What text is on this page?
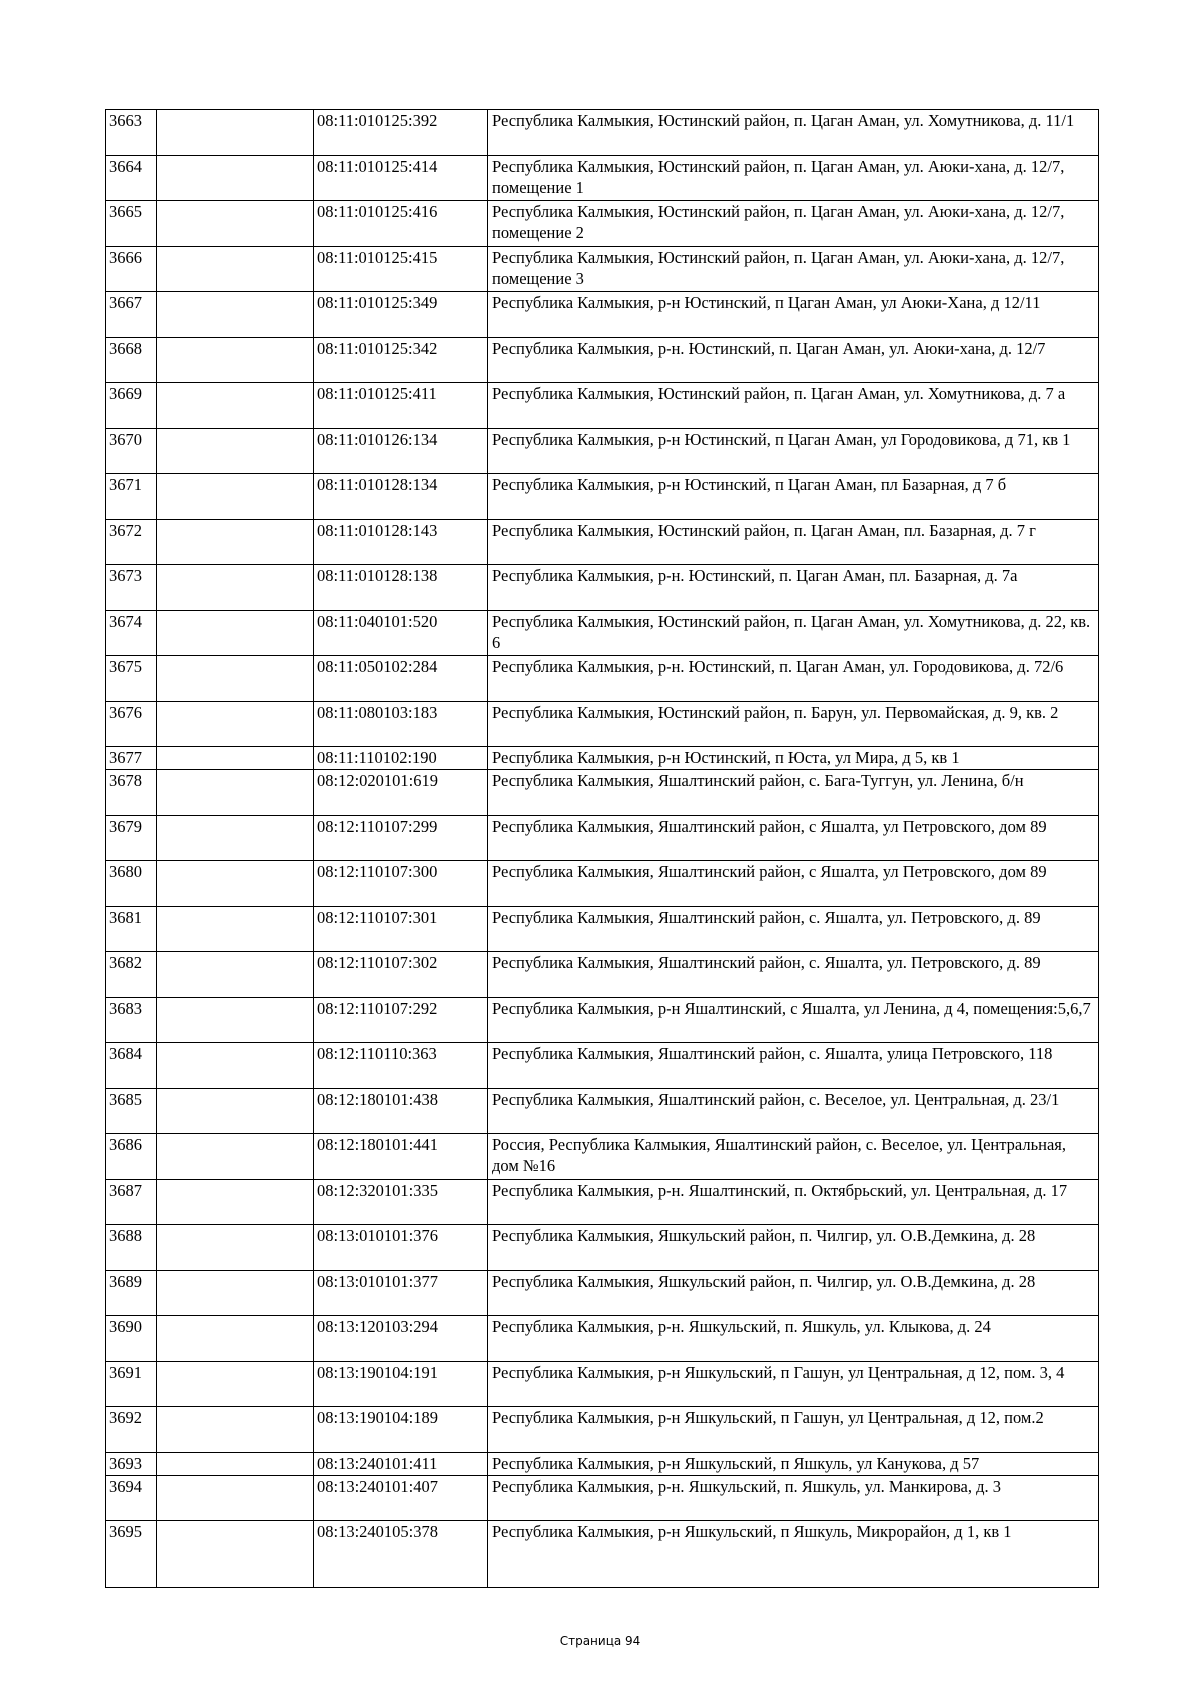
3663		08:11:010125:392	Республика Калмыкия, Юстинский район, п. Цаган Аман, ул. Хомутникова, д. 11/1
3664		08:11:010125:414	Республика Калмыкия, Юстинский район, п. Цаган Аман, ул. Аюки-хана, д. 12/7, помещение 1
3665		08:11:010125:416	Республика Калмыкия, Юстинский район, п. Цаган Аман, ул. Аюки-хана, д. 12/7, помещение 2
3666		08:11:010125:415	Республика Калмыкия, Юстинский район, п. Цаган Аман, ул. Аюки-хана, д. 12/7, помещение 3
3667		08:11:010125:349	Республика Калмыкия, р-н Юстинский, п Цаган Аман, ул Аюки-Хана, д 12/11
3668		08:11:010125:342	Республика Калмыкия, р-н. Юстинский, п. Цаган Аман, ул. Аюки-хана, д. 12/7
3669		08:11:010125:411	Республика Калмыкия, Юстинский район, п. Цаган Аман, ул. Хомутникова, д. 7 а
3670		08:11:010126:134	Республика Калмыкия, р-н Юстинский, п Цаган Аман, ул Городовикова, д 71, кв 1
3671		08:11:010128:134	Республика Калмыкия, р-н Юстинский, п Цаган Аман, пл Базарная, д 7 б
3672		08:11:010128:143	Республика Калмыкия, Юстинский район, п. Цаган Аман, пл. Базарная, д. 7 г
3673		08:11:010128:138	Республика Калмыкия, р-н. Юстинский, п. Цаган Аман, пл. Базарная, д. 7а
3674		08:11:040101:520	Республика Калмыкия, Юстинский район, п. Цаган Аман, ул. Хомутникова, д. 22, кв. 6
3675		08:11:050102:284	Республика Калмыкия, р-н. Юстинский, п. Цаган Аман, ул. Городовикова, д. 72/6
3676		08:11:080103:183	Республика Калмыкия, Юстинский район, п. Барун, ул. Первомайская, д. 9, кв. 2
3677		08:11:110102:190	Республика Калмыкия, р-н Юстинский, п Юста, ул Мира, д 5, кв 1
3678		08:12:020101:619	Республика Калмыкия, Яшалтинский район, с. Бага-Туггун, ул. Ленина, б/н
3679		08:12:110107:299	Республика Калмыкия, Яшалтинский район, с Яшалта, ул Петровского, дом 89
3680		08:12:110107:300	Республика Калмыкия, Яшалтинский район, с Яшалта, ул Петровского, дом 89
3681		08:12:110107:301	Республика Калмыкия, Яшалтинский район, с. Яшалта, ул. Петровского, д. 89
3682		08:12:110107:302	Республика Калмыкия, Яшалтинский район, с. Яшалта, ул. Петровского, д. 89
3683		08:12:110107:292	Республика Калмыкия, р-н Яшалтинский, с Яшалта, ул Ленина, д 4, помещения:5,6,7
3684		08:12:110110:363	Республика Калмыкия, Яшалтинский район, с. Яшалта, улица Петровского, 118
3685		08:12:180101:438	Республика Калмыкия, Яшалтинский район, с. Веселое, ул. Центральная, д. 23/1
3686		08:12:180101:441	Россия, Республика Калмыкия, Яшалтинский район, с. Веселое, ул. Центральная, дом №16
3687		08:12:320101:335	Республика Калмыкия, р-н. Яшалтинский, п. Октябрьский, ул. Центральная, д. 17
3688		08:13:010101:376	Республика Калмыкия, Яшкульский район, п. Чилгир, ул. О.В.Демкина, д. 28
3689		08:13:010101:377	Республика Калмыкия, Яшкульский район, п. Чилгир, ул. О.В.Демкина, д. 28
3690		08:13:120103:294	Республика Калмыкия, р-н. Яшкульский, п. Яшкуль, ул. Клыкова, д. 24
3691		08:13:190104:191	Республика Калмыкия, р-н Яшкульский, п Гашун, ул Центральная, д 12, пом. 3, 4
3692		08:13:190104:189	Республика Калмыкия, р-н Яшкульский, п Гашун, ул Центральная, д 12, пом.2
3693		08:13:240101:411	Республика Калмыкия, р-н Яшкульский, п Яшкуль, ул Канукова, д 57
3694		08:13:240101:407	Республика Калмыкия, р-н. Яшкульский, п. Яшкуль, ул. Манкирова, д. 3
3695		08:13:240105:378	Республика Калмыкия, р-н Яшкульский, п Яшкуль, Микрорайон, д 1, кв 1
Страница 94
